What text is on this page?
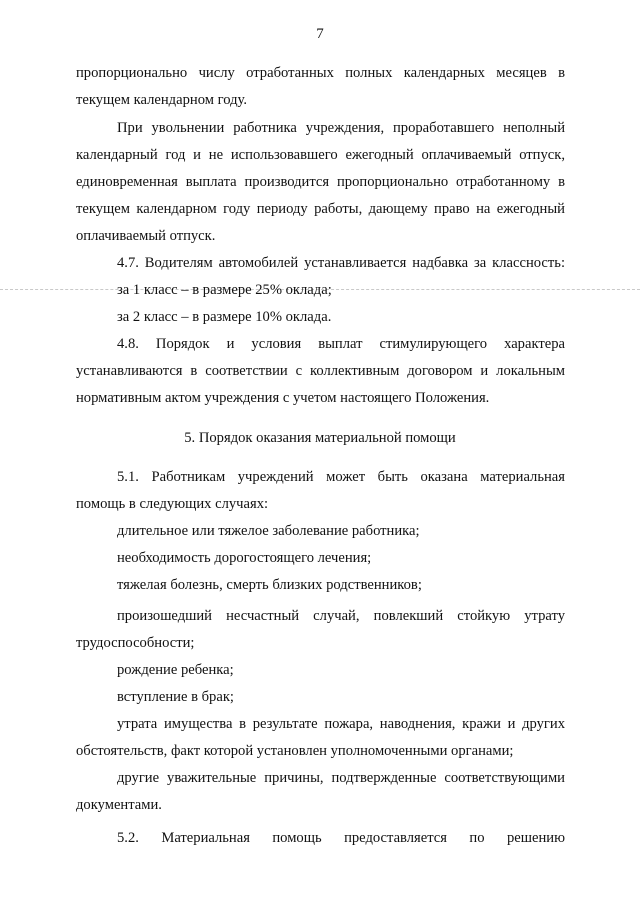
7
пропорционально числу отработанных полных календарных месяцев в
текущем календарном году.
При увольнении работника учреждения, проработавшего неполный
календарный год и не использовавшего ежегодный оплачиваемый отпуск,
единовременная выплата производится пропорционально отработанному в
текущем календарном году периоду работы, дающему право на ежегодный
оплачиваемый отпуск.
4.7. Водителям автомобилей устанавливается надбавка за классность:
за 1 класс – в размере 25% оклада;
за 2 класс – в размере 10% оклада.
4.8. Порядок и условия выплат стимулирующего характера
устанавливаются в соответствии с коллективным договором и локальным
нормативным актом учреждения с учетом настоящего Положения.
5. Порядок оказания материальной помощи
5.1. Работникам учреждений может быть оказана материальная
помощь в следующих случаях:
длительное или тяжелое заболевание работника;
необходимость дорогостоящего лечения;
тяжелая болезнь, смерть близких родственников;
произошедший несчастный случай, повлекший стойкую утрату
трудоспособности;
рождение ребенка;
вступление в брак;
утрата имущества в результате пожара, наводнения, кражи и других
обстоятельств, факт которой установлен уполномоченными органами;
другие уважительные причины, подтвержденные соответствующими
документами.
5.2. Материальная помощь предоставляется по решению
